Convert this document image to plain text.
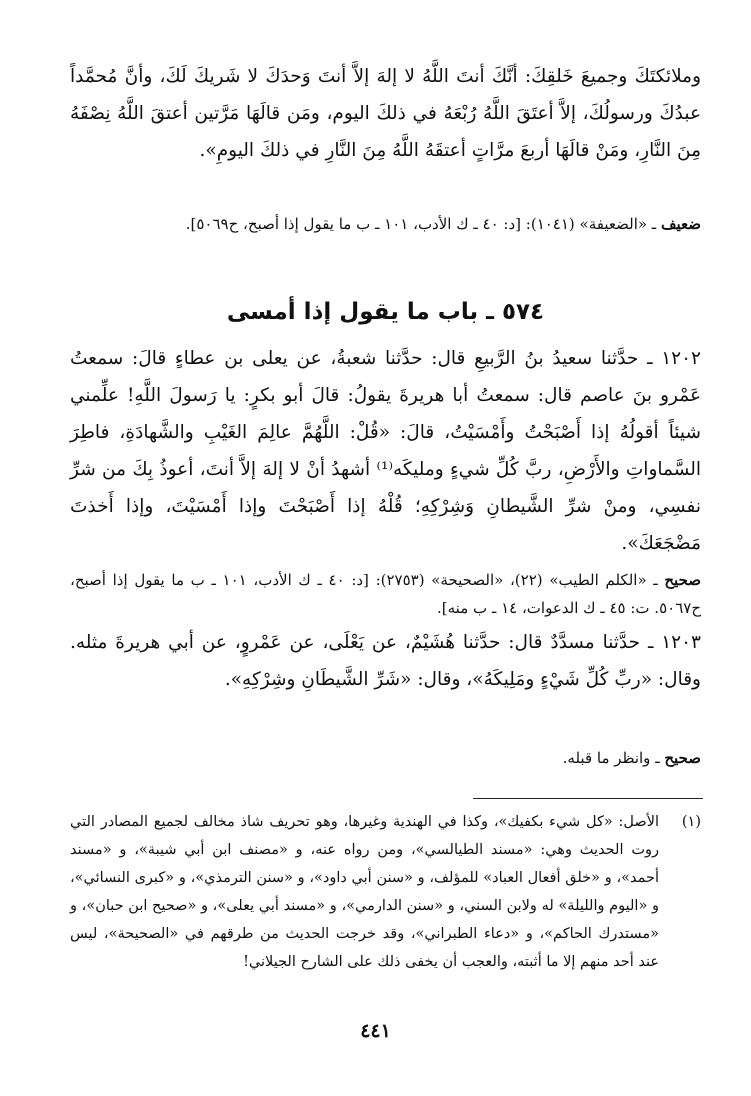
وملائكتَكَ وجميعَ خَلقِكَ: أنَّكَ أنتَ اللَّهُ لا إلهَ إلاَّ أنتَ وَحدَكَ لا شَريكَ لَكَ، وأنَّ مُحمَّداً عبدُكَ ورسولُكَ، إلاَّ أعتَقَ اللَّهُ رُبْعَهُ في ذلكَ اليوم، ومَن قالَهَا مَرَّتين أعتقَ اللَّهُ نِصْفَهُ مِنَ النَّارِ، ومَنْ قالَهَا أربعَ مرَّاتٍ أعتقَهُ اللَّهُ مِنَ النَّارِ في ذلكَ اليومِ».

ضعيف ـ «الضعيفة» (١٠٤١): [د: ٤٠ ـ ك الأدب، ١٠١ ـ ب ما يقول إذا أصبح، ح٥٠٦٩].

٥٧٤ ـ باب ما يقول إذا أمسى

١٢٠٢ ـ حدَّثنا سعيدُ بنُ الرَّبيعِ قال: حدَّثنا شعبةُ، عن يعلى بن عطاءٍ قالَ: سمعتُ عَمْرو بنَ عاصم قال: سمعتُ أبا هريرةَ يقولُ: قالَ أبو بكرٍ: يا رَسولَ اللَّهِ! علِّمني شيئاً أقولُهُ إذا أَصْبَحْتُ وأَمْسَيْتُ، قالَ: «قُلْ: اللَّهُمَّ عالِمَ الغَيْبِ والشَّهادَةِ، فاطِرَ السَّماواتِ والأَرْضِ، ربَّ كُلِّ شيءٍ ومليكَه⁽¹⁾ أشهدُ أنْ لا إلهَ إلاَّ أنتَ، أعوذُ بِكَ من شرِّ نفسِي، ومنْ شرِّ الشَّيطانِ وَشِرْكِهِ؛ قُلْهُ إذا أَصْبَحْتَ وإذا أَمْسَيْتَ، وإذا أَخذتَ مَضْجَعَكَ».

صحيح ـ «الكلم الطيب» (٢٢)، «الصحيحة» (٢٧٥٣): [د: ٤٠ ـ ك الأدب، ١٠١ ـ ب ما يقول إذا أصبح، ح٥٠٦٧. ت: ٤٥ ـ ك الدعوات، ١٤ ـ ب منه].

١٢٠٣ ـ حدَّثنا مسدَّدٌ قال: حدَّثنا هُشَيْمٌ، عن يَعْلَى، عن عَمْروٍ، عن أبي هريرةَ مثله. وقال: «ربِّ كُلِّ شَيْءٍ ومَلِيكَهُ»، وقال: «شَرِّ الشَّيطَانِ وشِرْكِهِ».

صحيح ـ وانظر ما قبله.

(١)
الأصل: «كل شيء بكفيك»، وكذا في الهندية وغيرها، وهو تحريف شاذ مخالف لجميع المصادر التي روت الحديث وهي: «مسند الطيالسي»، ومن رواه عنه، و «مصنف ابن أبي شيبة»، و «مسند أحمد»، و «خلق أفعال العباد» للمؤلف، و «سنن أبي داود»، و «سنن الترمذي»، و «كبرى النسائي»، و «اليوم والليلة» له ولابن السني، و «سنن الدارمي»، و «مسند أبي يعلى»، و «صحيح ابن حبان»، و «مستدرك الحاكم»، و «دعاء الطبراني»، وقد خرجت الحديث من طرقهم في «الصحيحة»، ليس عند أحد منهم إلا ما أثبته، والعجب أن يخفى ذلك على الشارح الجيلاني!
٤٤١
